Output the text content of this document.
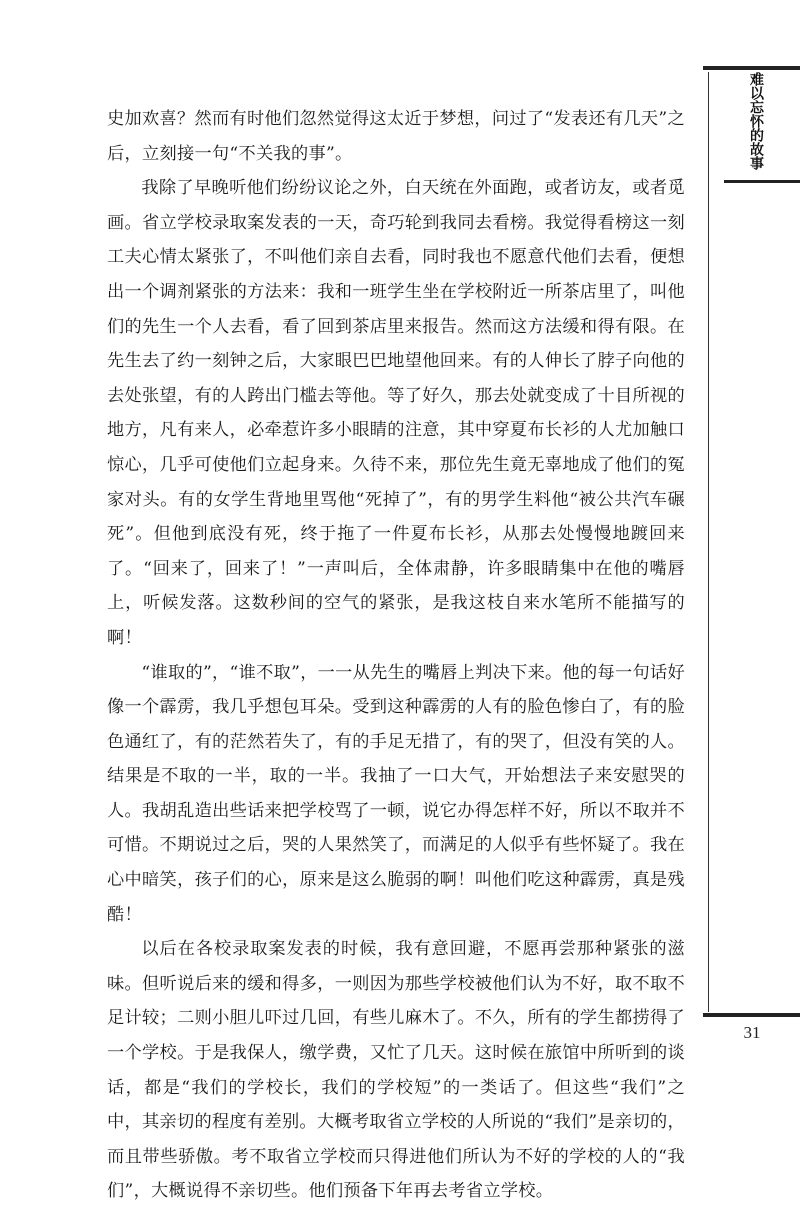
难以忘怀的故事

史加欢喜？然而有时他们忽然觉得这太近于梦想，问过了“发表还有几天”之后，立刻接一句“不关我的事”。

我除了早晚听他们纷纷议论之外，白天统在外面跑，或者访友，或者觅画。省立学校录取案发表的一天，奇巧轮到我同去看榜。我觉得看榜这一刻工夫心情太紧张了，不叫他们亲自去看，同时我也不愿意代他们去看，便想出一个调剂紧张的方法来：我和一班学生坐在学校附近一所茶店里了，叫他们的先生一个人去看，看了回到茶店里来报告。然而这方法缓和得有限。在先生去了约一刻钟之后，大家眼巴巴地望他回来。有的人伸长了脖子向他的去处张望，有的人跨出门槛去等他。等了好久，那去处就变成了十目所视的地方，凡有来人，必牵惹许多小眼睛的注意，其中穿夏布长衫的人尤加触口惊心，几乎可使他们立起身来。久待不来，那位先生竟无辜地成了他们的冤家对头。有的女学生背地里骂他“死掉了”，有的男学生料他“被公共汽车碾死”。但他到底没有死，终于拖了一件夏布长衫，从那去处慢慢地踱回来了。“回来了，回来了！”一声叫后，全体肃静，许多眼睛集中在他的嘴唇上，听候发落。这数秒间的空气的紧张，是我这枝自来水笔所不能描写的啊！

“谁取的”，“谁不取”，一一从先生的嘴唇上判决下来。他的每一句话好像一个霹雳，我几乎想包耳朵。受到这种霹雳的人有的脸色惨白了，有的脸色通红了，有的茫然若失了，有的手足无措了，有的哭了，但没有笑的人。结果是不取的一半，取的一半。我抽了一口大气，开始想法子来安慰哭的人。我胡乱造出些话来把学校骂了一顿，说它办得怎样不好，所以不取并不可惜。不期说过之后，哭的人果然笑了，而满足的人似乎有些怀疑了。我在心中暗笑，孩子们的心，原来是这么脆弱的啊！叫他们吃这种霹雳，真是残酷！

以后在各校录取案发表的时候，我有意回避，不愿再尝那种紧张的滋味。但听说后来的缓和得多，一则因为那些学校被他们认为不好，取不取不足计较；二则小胆儿吓过几回，有些儿麻木了。不久，所有的学生都捞得了一个学校。于是我保人，缴学费，又忙了几天。这时候在旅馆中所听到的谈话，都是“我们的学校长，我们的学校短”的一类话了。但这些“我们”之中，其亲切的程度有差别。大概考取省立学校的人所说的“我们”是亲切的，而且带些骄傲。考不取省立学校而只得进他们所认为不好的学校的人的“我们”，大概说得不亲切些。他们预备下年再去考省立学校。

31
